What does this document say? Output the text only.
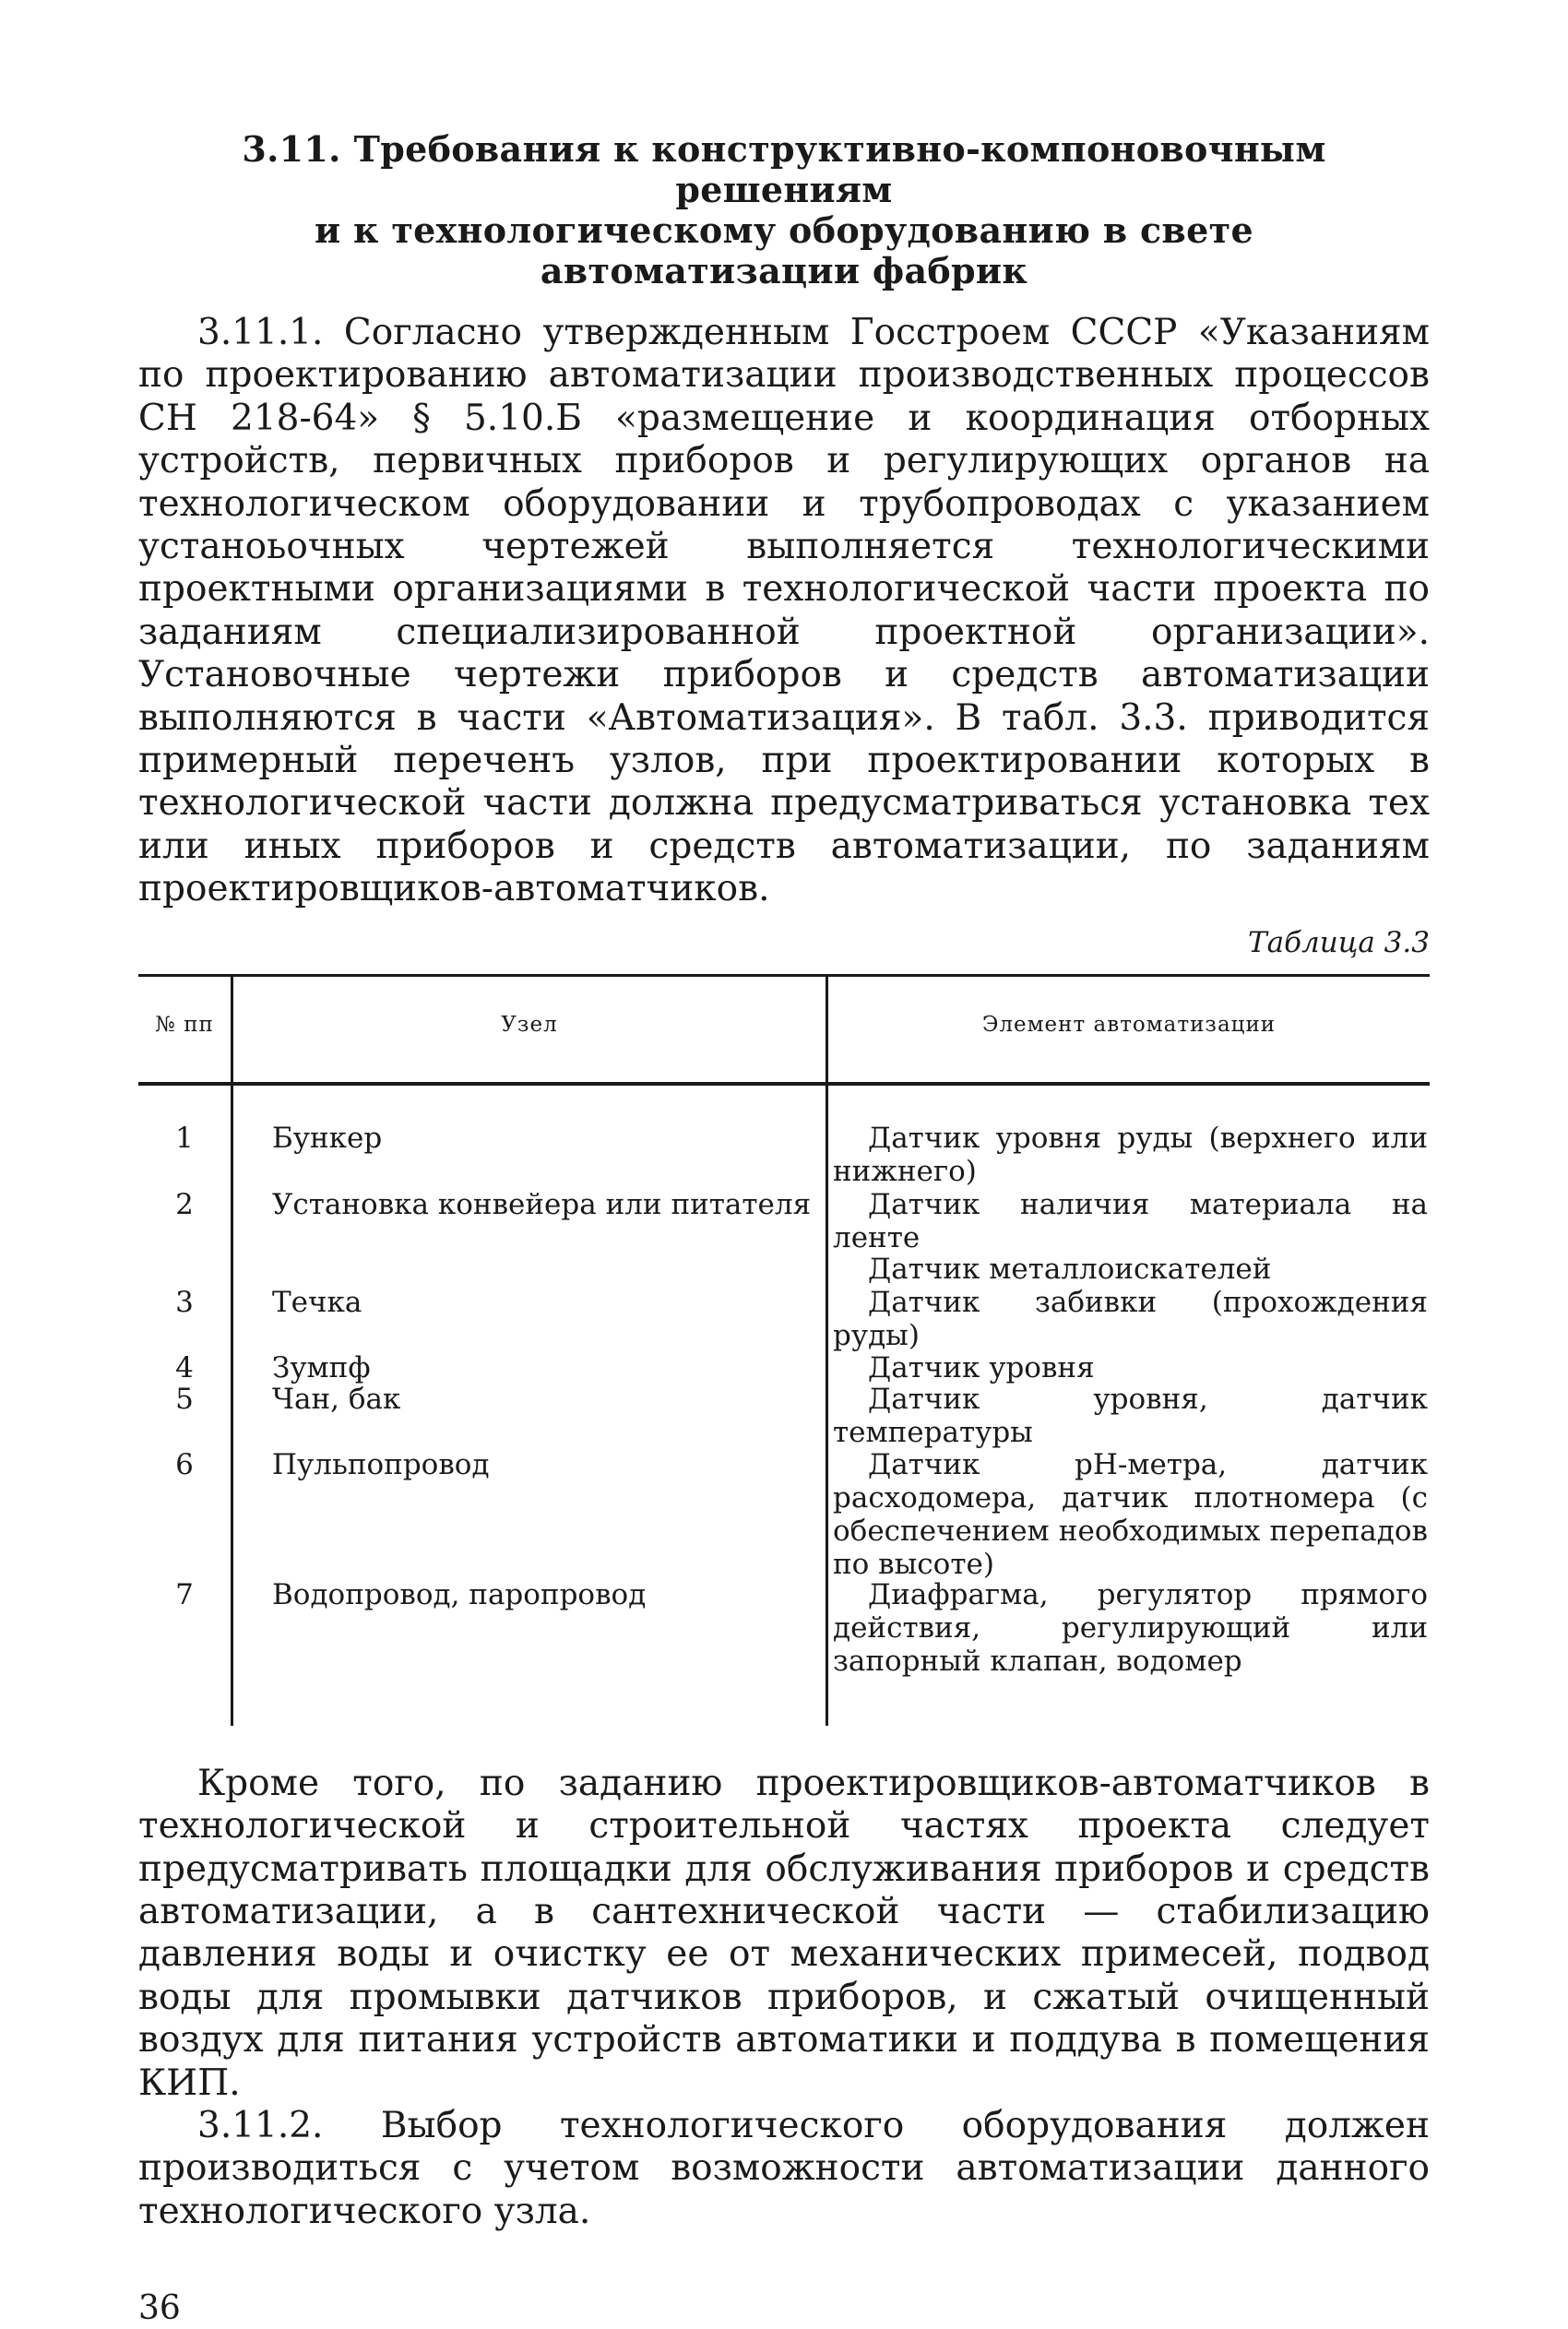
3.11. Требования к конструктивно-компоновочным решениям
и к технологическому оборудованию в свете
автоматизации фабрик

3.11.1. Согласно утвержденным Госстроем СССР «Указаниям по проектированию автоматизации производственных процессов СН 218-64» § 5.10.Б «размещение и координация отборных устройств, первичных приборов и регулирующих органов на технологическом оборудовании и трубопроводах с указанием устаноьочных чертежей выполняется технологическими проектными организациями в технологической части проекта по заданиям специализированной проектной организации». Установочные чертежи приборов и средств автоматизации выполняются в части «Автоматизация». В табл. 3.3. приводится примерный переченъ узлов, при проектировании которых в технологической части должна предусматриваться установка тех или иных приборов и средств автоматизации, по заданиям проектировщиков-автоматчиков.

Таблица 3.3
№ пп	Узел	Элемент автоматизации
1	Бункер	Датчик уровня руды (верхнего или нижнего)
2	Установка конвейера или питателя	Датчик наличия материала на ленте
Датчик металлоискателей
3	Течка	Датчик забивки (прохождения руды)
4	Зумпф	Датчик уровня
5	Чан, бак	Датчик уровня, датчик температуры
6	Пульпопровод	Датчик pH-метра, датчик расходомера, датчик плотномера (с обеспечением необходимых перепадов по высоте)
7	Водопровод, паропровод	Диафрагма, регулятор прямого действия, регулирующий или запорный клапан, водомер

Кроме того, по заданию проектировщиков-автоматчиков в технологической и строительной частях проекта следует предусматривать площадки для обслуживания приборов и средств автоматизации, а в сантехнической части — стабилизацию давления воды и очистку ее от механических примесей, подвод воды для промывки датчиков приборов, и сжатый очищенный воздух для питания устройств автоматики и поддува в помещения КИП.

3.11.2. Выбор технологического оборудования должен производиться с учетом возможности автоматизации данного технологического узла.

36
